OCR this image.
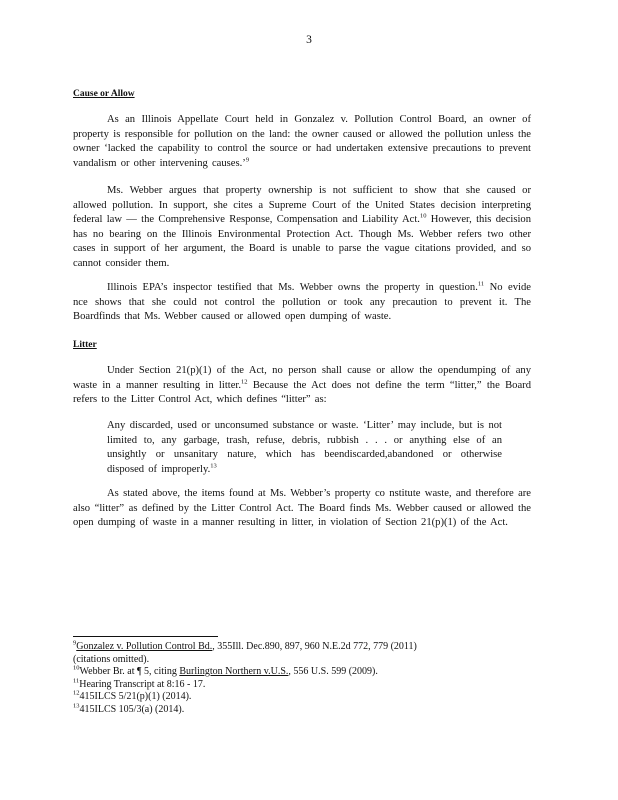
3
Cause or Allow
As an Illinois Appellate Court held in Gonzalez v. Pollution Control Board, an owner of property is responsible for pollution on the land: the owner caused or allowed the pollution unless the owner ‘lacked the capability to control the source or had undertaken extensive precautions to prevent vandalism or other intervening causes.’$^9$
Ms. Webber argues that property ownership is not sufficient to show that she caused or allowed pollution. In support, she cites a Supreme Court of the United States decision interpreting federal law — the Comprehensive Response, Compensation and Liability Act.$^{10}$ However, this decision has no bearing on the Illinois Environmental Protection Act. Though Ms. Webber refers two other cases in support of her argument, the Board is unable to parse the vague citations provided, and so cannot consider them.
Illinois EPA’s inspector testified that Ms. Webber owns the property in question.$^{11}$ No evide nce shows that she could not control the pollution or took any precaution to prevent it. The Boardfinds that Ms. Webber caused or allowed open dumping of waste.
Litter
Under Section 21(p)(1) of the Act, no person shall cause or allow the opendumping of any waste in a manner resulting in litter.$^{12}$ Because the Act does not define the term “litter,” the Board refers to the Litter Control Act, which defines “litter” as:
Any discarded, used or unconsumed substance or waste. ‘Litter’ may include, but is not limited to, any garbage, trash, refuse, debris, rubbish . . . or anything else of an unsightly or unsanitary nature, which has beendiscarded,abandoned or otherwise disposed of improperly.$^{13}$
As stated above, the items found at Ms. Webber’s property co nstitute waste, and therefore are also “litter” as defined by the Litter Control Act. The Board finds Ms. Webber caused or allowed the open dumping of waste in a manner resulting in litter, in violation of Section 21(p)(1) of the Act.
$^9$Gonzalez v. Pollution Control Bd., 355Ill. Dec.890, 897, 960 N.E.2d 772, 779 (2011)
(citations omitted).
$^{10}$Webber Br. at ¶ 5, citing Burlington Northern v.U.S., 556 U.S. 599 (2009).
$^{11}$Hearing Transcript at 8:16 - 17.
$^{12}$415ILCS 5/21(p)(1) (2014).
$^{13}$415ILCS 105/3(a) (2014).
